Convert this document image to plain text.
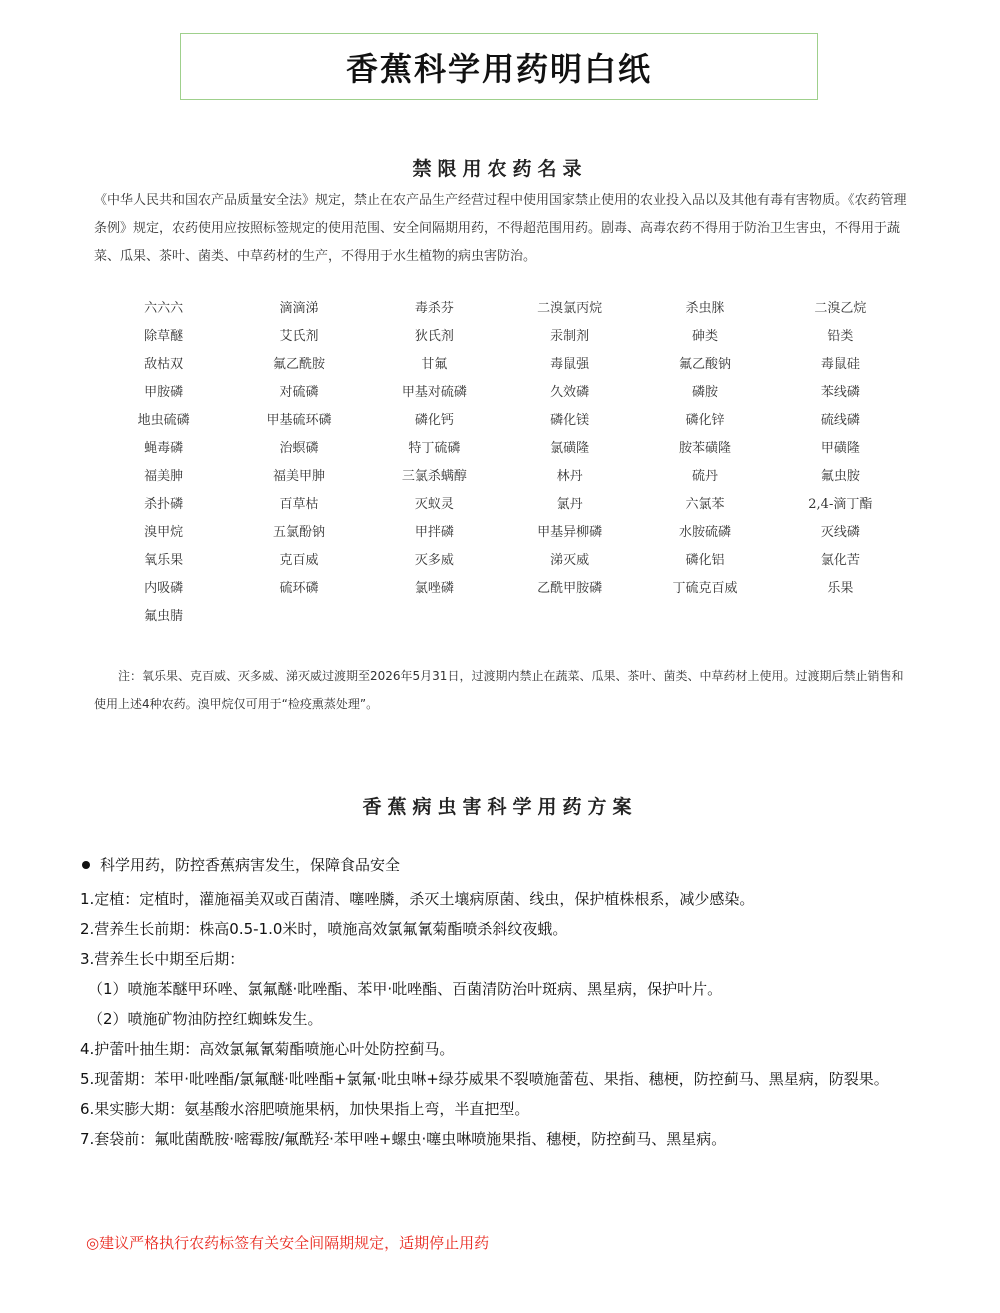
香蕉科学用药明白纸
禁限用农药名录

《中华人民共和国农产品质量安全法》规定，禁止在农产品生产经营过程中使用国家禁止使用的农业投入品以及其他有毒有害物质。《农药管理条例》规定，农药使用应按照标签规定的使用范围、安全间隔期用药，不得超范围用药。剧毒、高毒农药不得用于防治卫生害虫，不得用于蔬菜、瓜果、茶叶、菌类、中草药材的生产，不得用于水生植物的病虫害防治。

六六六	滴滴涕	毒杀芬	二溴氯丙烷	杀虫脒	二溴乙烷
除草醚	艾氏剂	狄氏剂	汞制剂	砷类	铅类
敌枯双	氟乙酰胺	甘氟	毒鼠强	氟乙酸钠	毒鼠硅
甲胺磷	对硫磷	甲基对硫磷	久效磷	磷胺	苯线磷
地虫硫磷	甲基硫环磷	磷化钙	磷化镁	磷化锌	硫线磷
蝇毒磷	治螟磷	特丁硫磷	氯磺隆	胺苯磺隆	甲磺隆
福美胂	福美甲胂	三氯杀螨醇	林丹	硫丹	氟虫胺
杀扑磷	百草枯	灭蚁灵	氯丹	六氯苯	2,4-滴丁酯
溴甲烷	五氯酚钠	甲拌磷	甲基异柳磷	水胺硫磷	灭线磷
氧乐果	克百威	灭多威	涕灭威	磷化铝	氯化苦
内吸磷	硫环磷	氯唑磷	乙酰甲胺磷	丁硫克百威	乐果
氟虫腈

注：氧乐果、克百威、灭多威、涕灭威过渡期至2026年5月31日，过渡期内禁止在蔬菜、瓜果、茶叶、菌类、中草药材上使用。过渡期后禁止销售和使用上述4种农药。溴甲烷仅可用于“检疫熏蒸处理”。

香蕉病虫害科学用药方案

科学用药，防控香蕉病害发生，保障食品安全

1.定植：定植时，灌施福美双或百菌清、噻唑膦，杀灭土壤病原菌、线虫，保护植株根系，减少感染。

2.营养生长前期：株高0.5-1.0米时，喷施高效氯氟氰菊酯喷杀斜纹夜蛾。

3.营养生长中期至后期：

（1）喷施苯醚甲环唑、氯氟醚·吡唑酯、苯甲·吡唑酯、百菌清防治叶斑病、黑星病，保护叶片。

（2）喷施矿物油防控红蜘蛛发生。

4.护蕾叶抽生期：高效氯氟氰菊酯喷施心叶处防控蓟马。

5.现蕾期：苯甲·吡唑酯/氯氟醚·吡唑酯+氯氟·吡虫啉+绿芬威果不裂喷施蕾苞、果指、穗梗，防控蓟马、黑星病，防裂果。

6.果实膨大期：氨基酸水溶肥喷施果柄，加快果指上弯，半直把型。

7.套袋前：氟吡菌酰胺·嘧霉胺/氟酰羟·苯甲唑+螺虫·噻虫啉喷施果指、穗梗，防控蓟马、黑星病。

◎建议严格执行农药标签有关安全间隔期规定，适期停止用药
